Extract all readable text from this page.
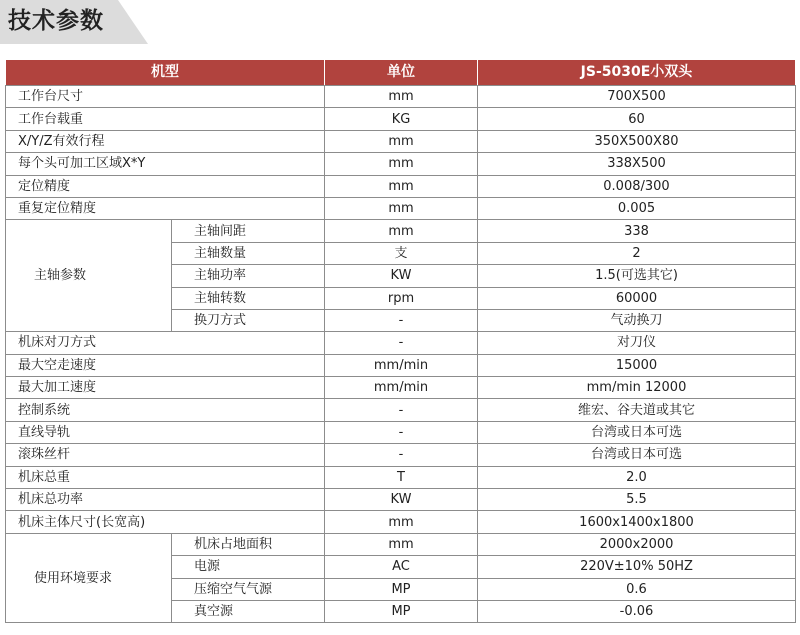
技术参数
机型		单位	JS-5030E小双头
工作台尺寸		mm	700X500
工作台载重		KG	60
X/Y/Z有效行程		mm	350X500X80
每个头可加工区域X*Y		mm	338X500
定位精度		mm	0.008/300
重复定位精度		mm	0.005
主轴参数	主轴间距	mm	338
	主轴数量	支	2
	主轴功率	KW	1.5(可选其它)
	主轴转数	rpm	60000
	换刀方式	-	气动换刀
机床对刀方式		-	对刀仪
最大空走速度		mm/min	15000
最大加工速度		mm/min	mm/min 12000
控制系统		-	维宏、谷夫道或其它
直线导轨		-	台湾或日本可选
滚珠丝杆		-	台湾或日本可选
机床总重		T	2.0
机床总功率		KW	5.5
机床主体尺寸(长宽高)		mm	1600x1400x1800
使用环境要求	机床占地面积	mm	2000x2000
	电源	AC	220V±10% 50HZ
	压缩空气气源	MP	0.6
	真空源	MP	-0.06
